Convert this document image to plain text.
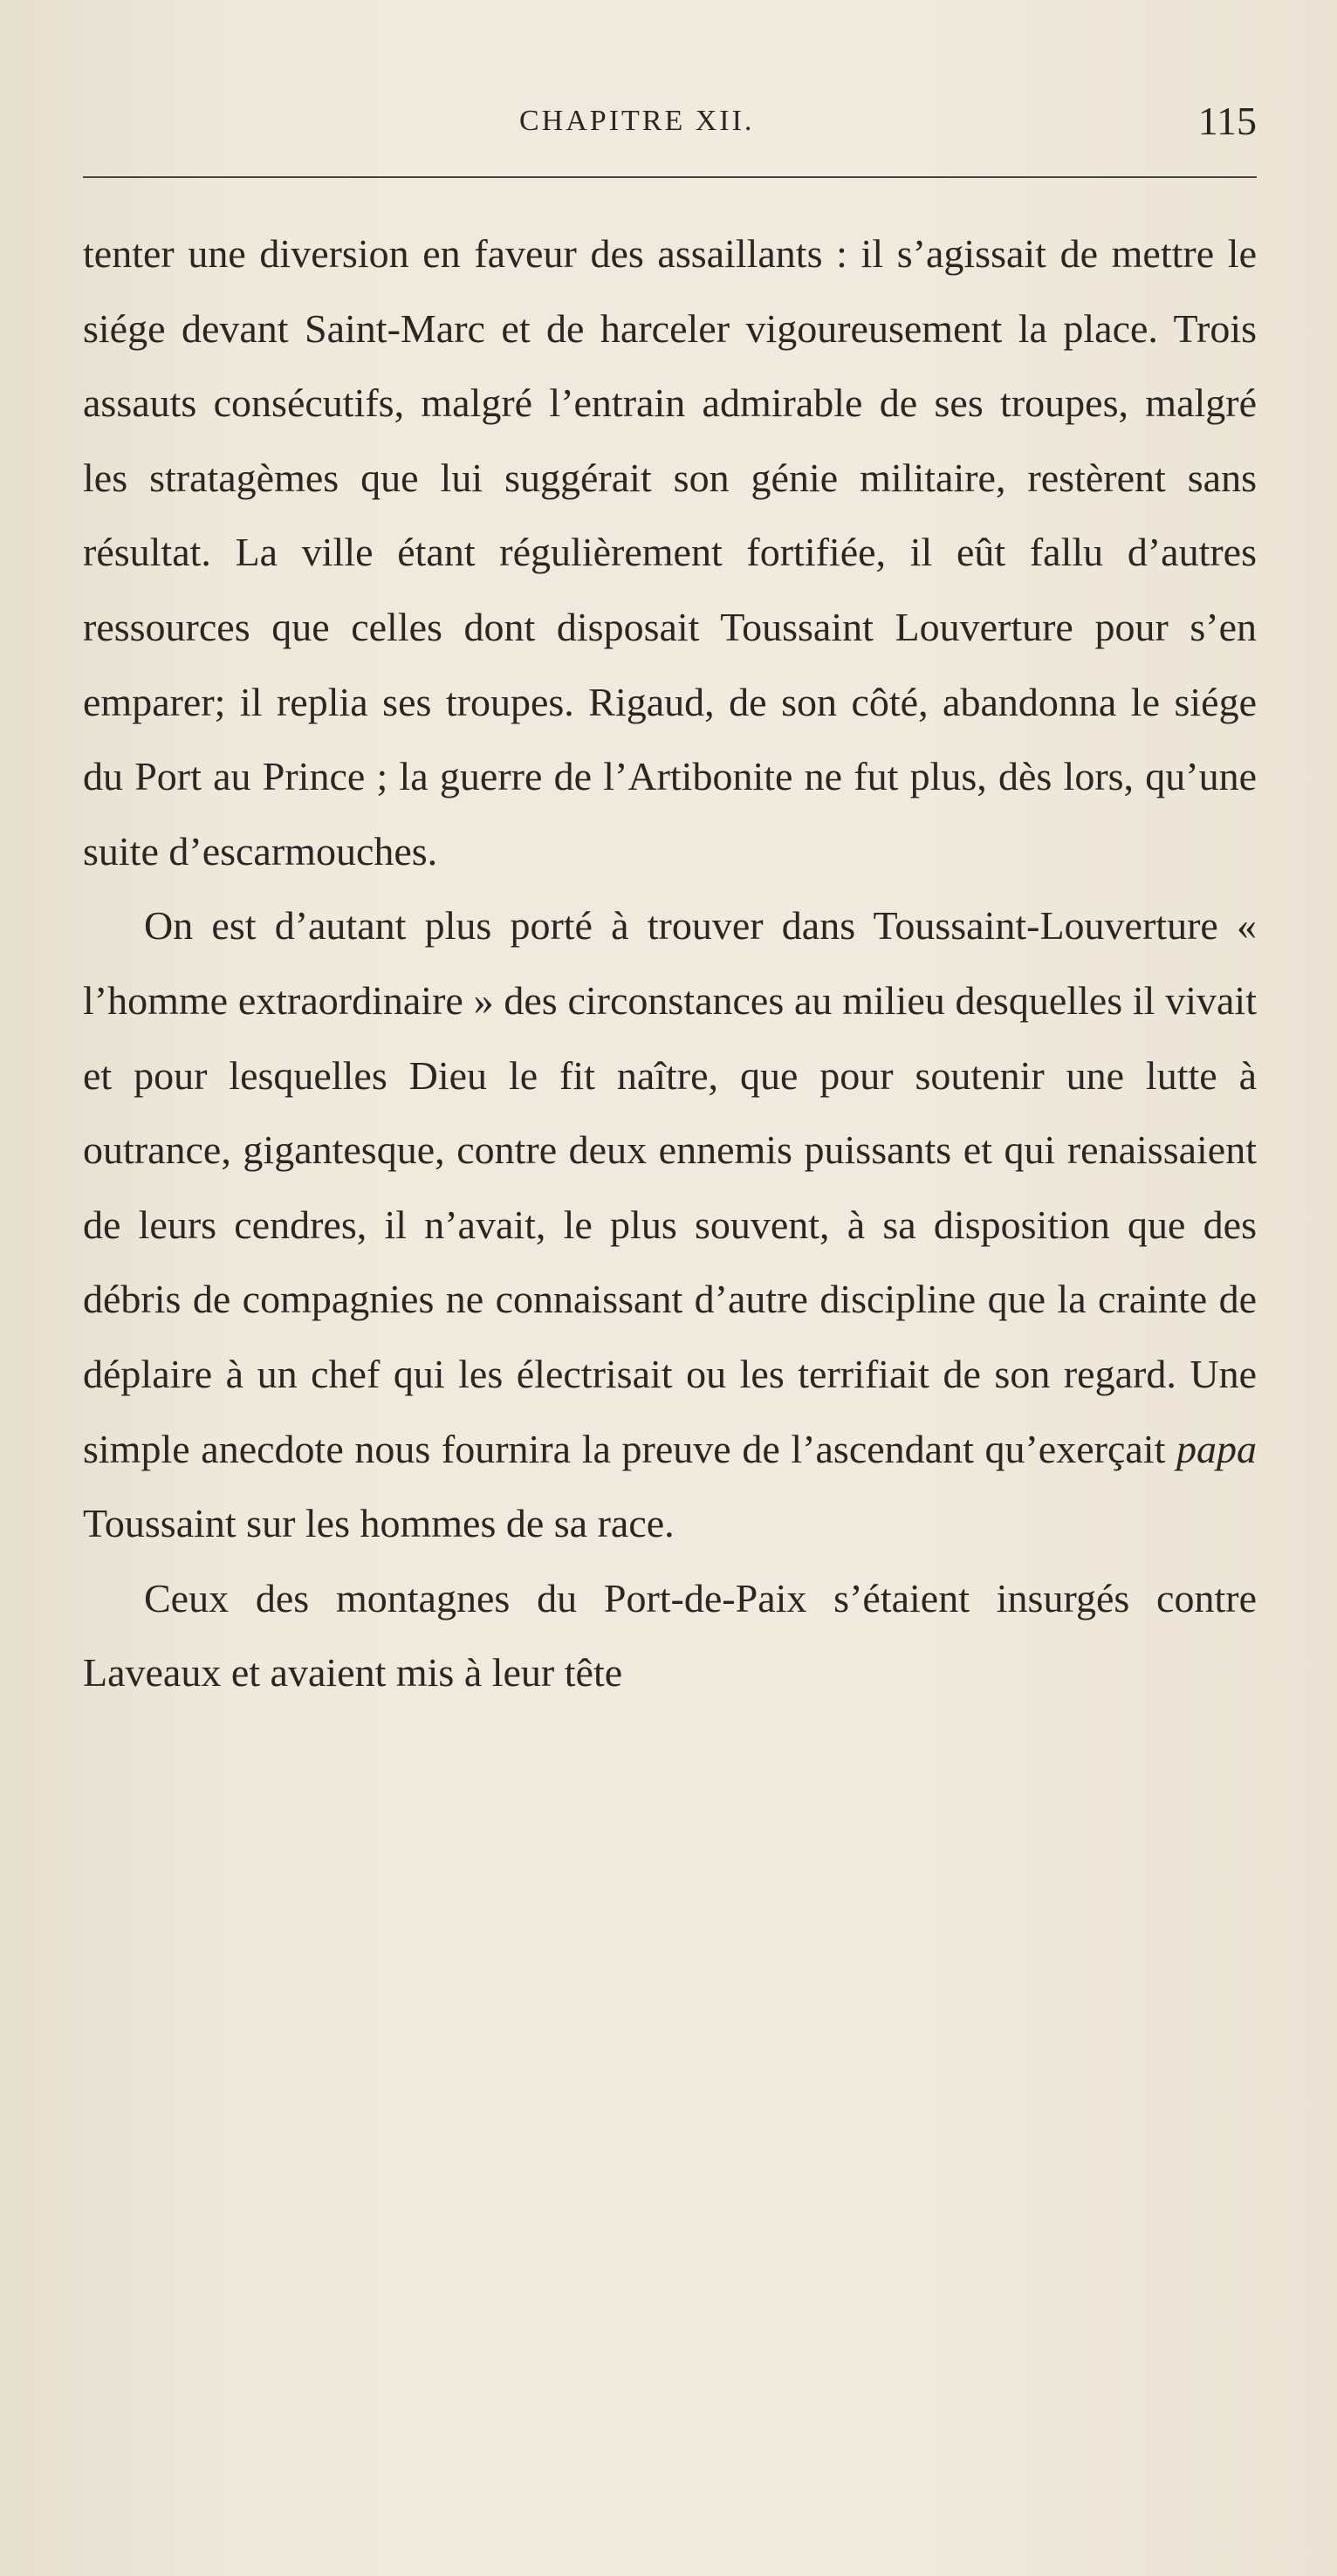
CHAPITRE XII.	115

tenter une diversion en faveur des assaillants : il s’agissait de mettre le siége devant Saint-Marc et de harceler vigoureusement la place. Trois assauts consécutifs, malgré l’entrain admirable de ses troupes, malgré les stratagèmes que lui suggérait son génie militaire, restèrent sans résultat. La ville étant régulièrement fortifiée, il eût fallu d’autres ressources que celles dont disposait Toussaint Louverture pour s’en emparer; il replia ses troupes. Rigaud, de son côté, abandonna le siége du Port au Prince ; la guerre de l’Artibonite ne fut plus, dès lors, qu’une suite d’escarmouches.

On est d’autant plus porté à trouver dans Toussaint-Louverture « l’homme extraordinaire » des circonstances au milieu desquelles il vivait et pour lesquelles Dieu le fit naître, que pour soutenir une lutte à outrance, gigantesque, contre deux ennemis puissants et qui renaissaient de leurs cendres, il n’avait, le plus souvent, à sa disposition que des débris de compagnies ne connaissant d’autre discipline que la crainte de déplaire à un chef qui les électrisait ou les terrifiait de son regard. Une simple anecdote nous fournira la preuve de l’ascendant qu’exerçait papa Toussaint sur les hommes de sa race.

Ceux des montagnes du Port-de-Paix s’étaient insurgés contre Laveaux et avaient mis à leur tête
